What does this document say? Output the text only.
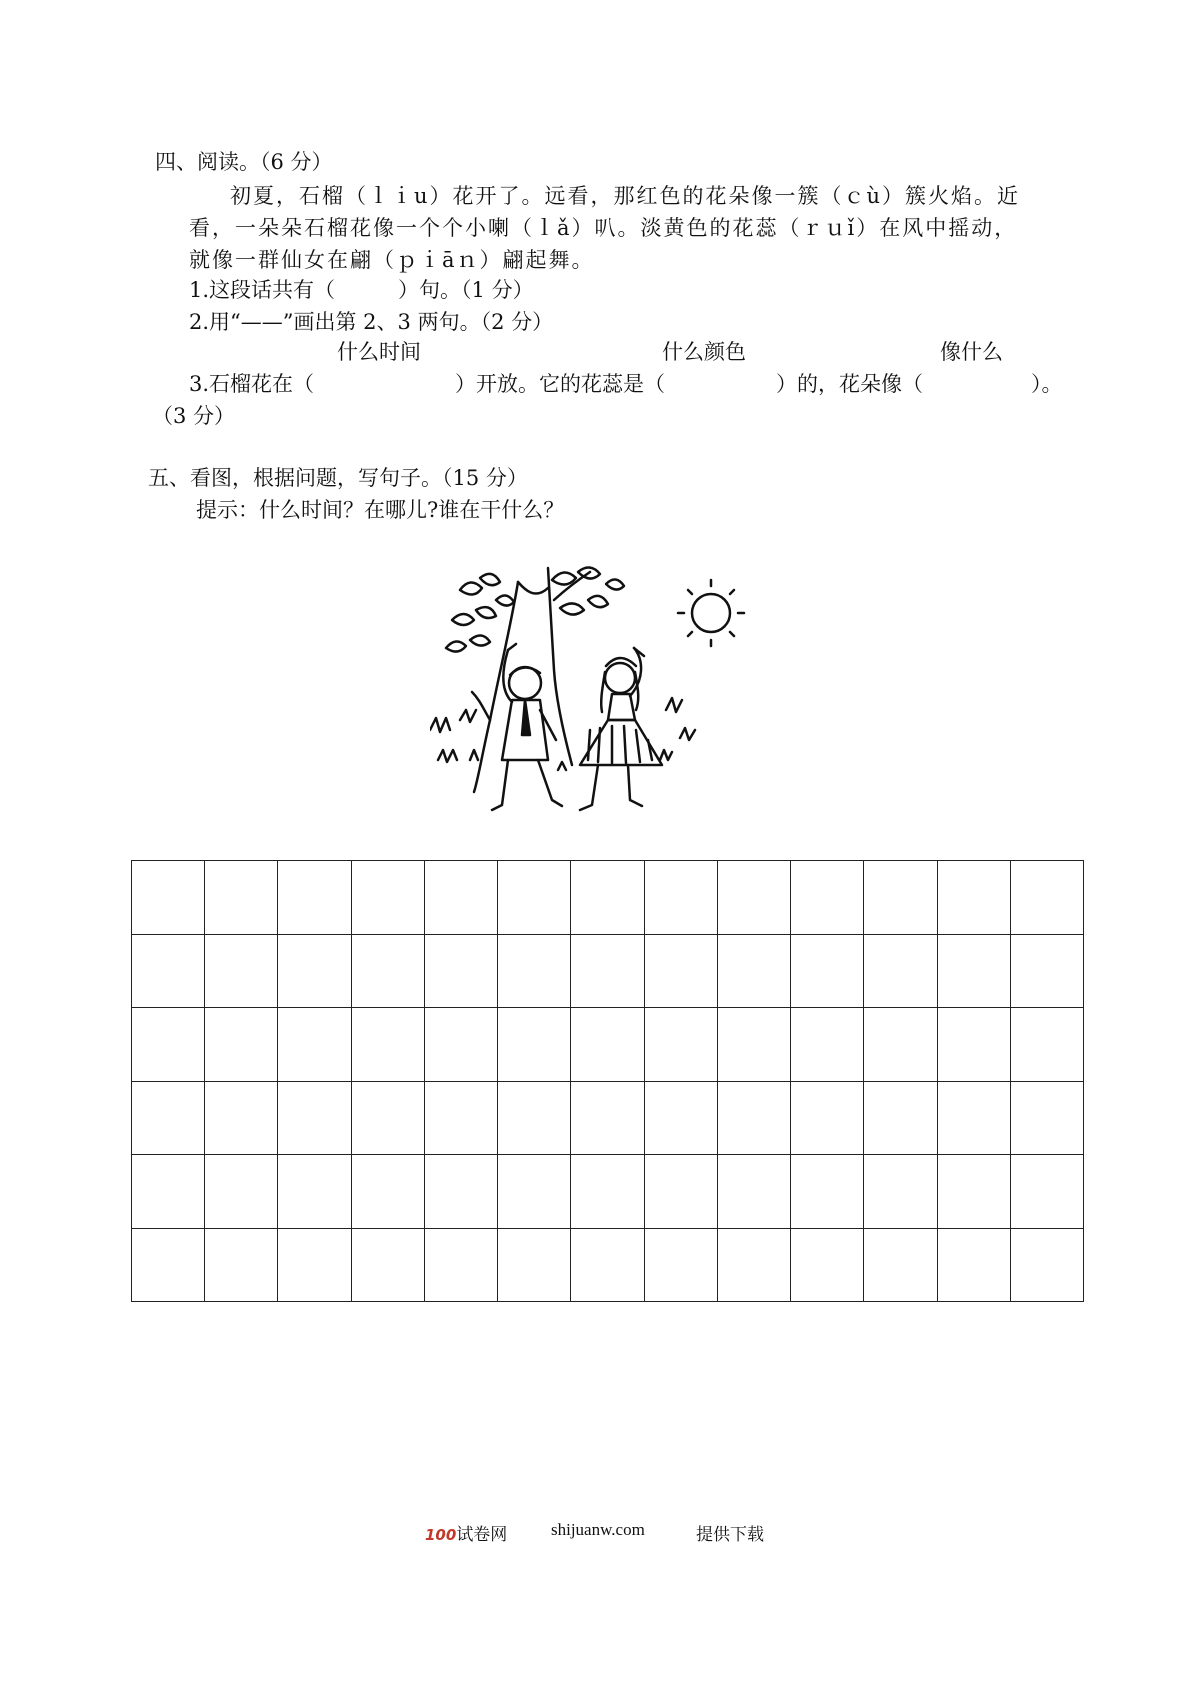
四、阅读。（6 分）
初夏，石榴（ｌｉu）花开了。远看，那红色的花朵像一簇（ｃù）簇火焰。近
看，一朵朵石榴花像一个个小喇（ｌǎ）叭。淡黄色的花蕊（ｒｕǐ）在风中摇动，
就像一群仙女在翩（ｐｉāｎ）翩起舞。
1.这段话共有（　　　）句。（1 分）
2.用“——”画出第 2、3 两句。（2 分）
什么时间	什么颜色	像什么
3.石榴花在（	）开放。它的花蕊是（	）的，花朵像（	）。
（3 分）
五、看图，根据问题，写句子。（15 分）
提示：什么时间？在哪儿?谁在干什么？
100试卷网	shijuanw.com	提供下载
